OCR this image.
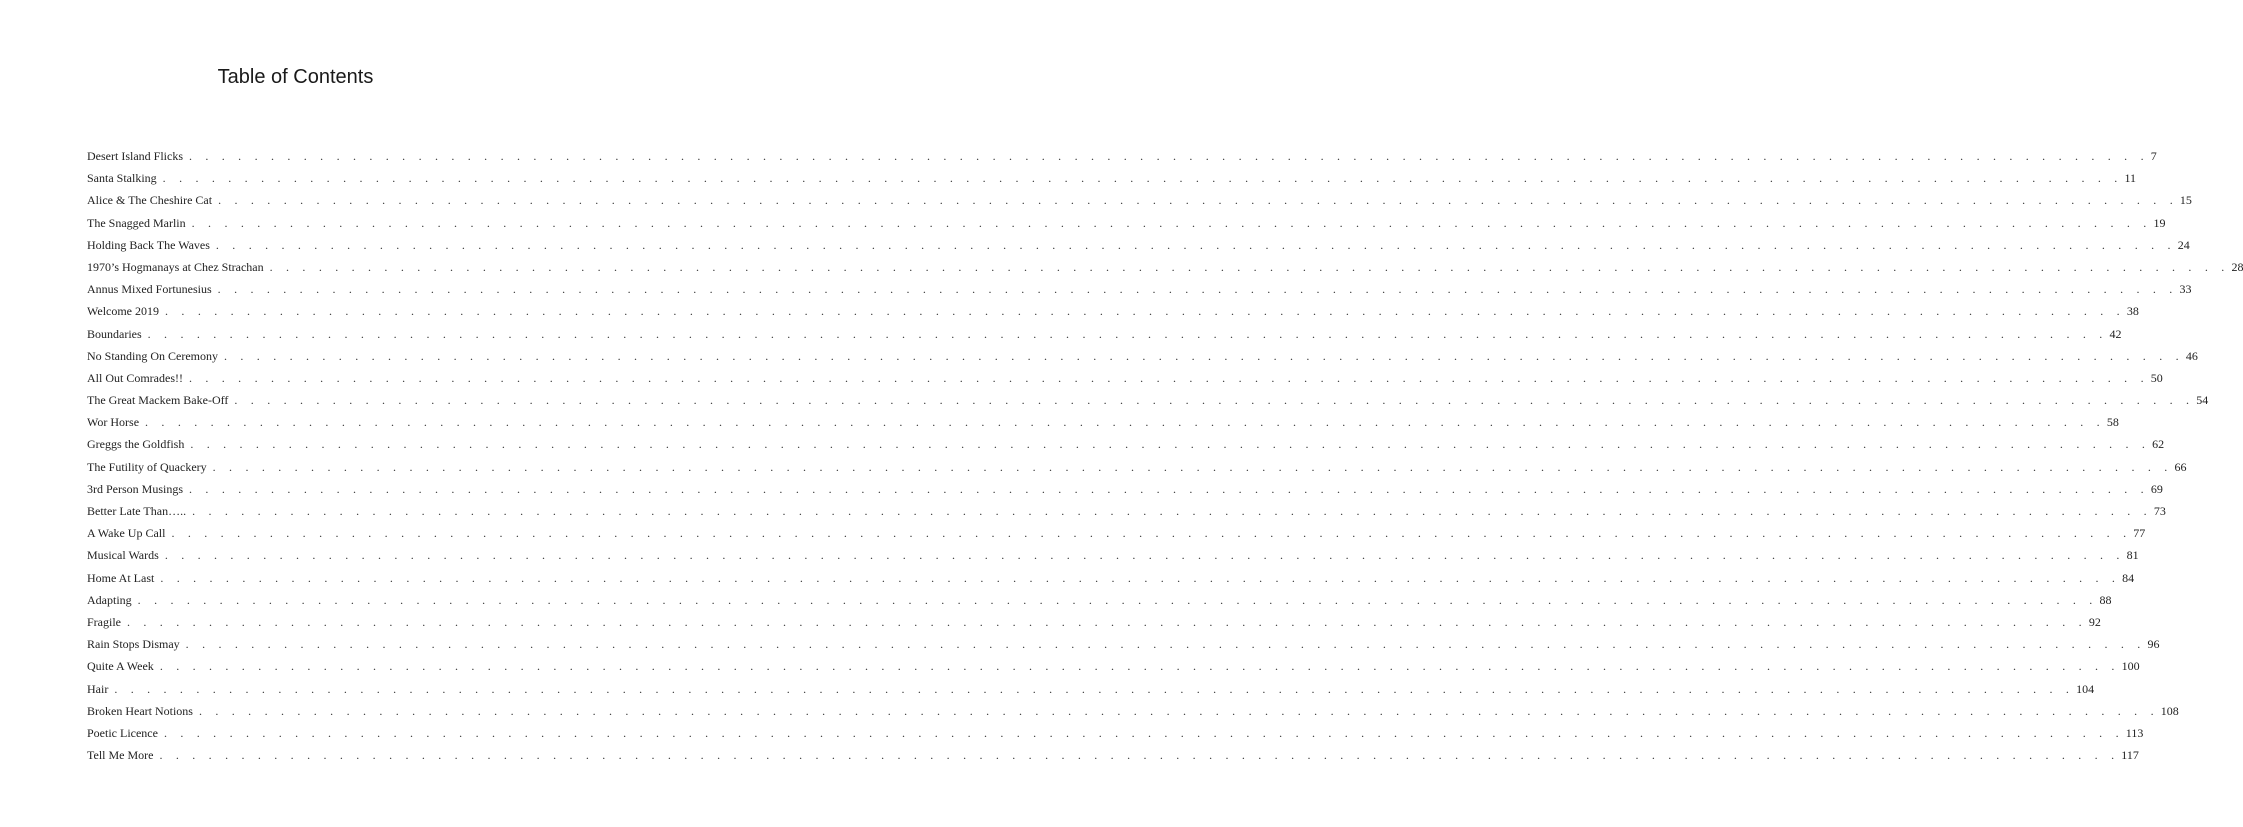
Table of Contents
Desert Island Flicks . . . . . . . . . . . . . . . . . . . . . . . . . . . . . . . . . . . . . . . . . . . . . . . . . . . . . . . . . . . . . . . . . . . . . . . . . . . . . . . . . . . . . . . . . . . . . . . . . . . . . . . . . . . . . . . . . . . . . . . . 7
Santa Stalking . . . . . . . . . . . . . . . . . . . . . . . . . . . . . . . . . . . . . . . . . . . . . . . . . . . . . . . . . . . . . . . . . . . . . . . . . . . . . . . . . . . . . . . . . . . . . . . . . . . . . . . . . . . . . . . . . . . . . . . . 11
Alice & The Cheshire Cat . . . . . . . . . . . . . . . . . . . . . . . . . . . . . . . . . . . . . . . . . . . . . . . . . . . . . . . . . . . . . . . . . . . . . . . . . . . . . . . . . . . . . . . . . . . . . . . . . . . . . . . . . . . . . . . . . . . . . . . . 15
The Snagged Marlin . . . . . . . . . . . . . . . . . . . . . . . . . . . . . . . . . . . . . . . . . . . . . . . . . . . . . . . . . . . . . . . . . . . . . . . . . . . . . . . . . . . . . . . . . . . . . . . . . . . . . . . . . . . . . . . . . . . . . . . . 19
Holding Back The Waves . . . . . . . . . . . . . . . . . . . . . . . . . . . . . . . . . . . . . . . . . . . . . . . . . . . . . . . . . . . . . . . . . . . . . . . . . . . . . . . . . . . . . . . . . . . . . . . . . . . . . . . . . . . . . . . . . . . . . . . . 24
1970’s Hogmanays at Chez Strachan . . . . . . . . . . . . . . . . . . . . . . . . . . . . . . . . . . . . . . . . . . . . . . . . . . . . . . . . . . . . . . . . . . . . . . . . . . . . . . . . . . . . . . . . . . . . . . . . . . . . . . . . . . . . . . . . . . . . . . . . 28
Annus Mixed Fortunesius . . . . . . . . . . . . . . . . . . . . . . . . . . . . . . . . . . . . . . . . . . . . . . . . . . . . . . . . . . . . . . . . . . . . . . . . . . . . . . . . . . . . . . . . . . . . . . . . . . . . . . . . . . . . . . . . . . . . . . . . 33
Welcome 2019 . . . . . . . . . . . . . . . . . . . . . . . . . . . . . . . . . . . . . . . . . . . . . . . . . . . . . . . . . . . . . . . . . . . . . . . . . . . . . . . . . . . . . . . . . . . . . . . . . . . . . . . . . . . . . . . . . . . . . . . . 38
Boundaries . . . . . . . . . . . . . . . . . . . . . . . . . . . . . . . . . . . . . . . . . . . . . . . . . . . . . . . . . . . . . . . . . . . . . . . . . . . . . . . . . . . . . . . . . . . . . . . . . . . . . . . . . . . . . . . . . . . . . . . . 42
No Standing On Ceremony . . . . . . . . . . . . . . . . . . . . . . . . . . . . . . . . . . . . . . . . . . . . . . . . . . . . . . . . . . . . . . . . . . . . . . . . . . . . . . . . . . . . . . . . . . . . . . . . . . . . . . . . . . . . . . . . . . . . . . . . 46
All Out Comrades!! . . . . . . . . . . . . . . . . . . . . . . . . . . . . . . . . . . . . . . . . . . . . . . . . . . . . . . . . . . . . . . . . . . . . . . . . . . . . . . . . . . . . . . . . . . . . . . . . . . . . . . . . . . . . . . . . . . . . . . . . 50
The Great Mackem Bake-Off . . . . . . . . . . . . . . . . . . . . . . . . . . . . . . . . . . . . . . . . . . . . . . . . . . . . . . . . . . . . . . . . . . . . . . . . . . . . . . . . . . . . . . . . . . . . . . . . . . . . . . . . . . . . . . . . . . . . . . . . 54
Wor Horse . . . . . . . . . . . . . . . . . . . . . . . . . . . . . . . . . . . . . . . . . . . . . . . . . . . . . . . . . . . . . . . . . . . . . . . . . . . . . . . . . . . . . . . . . . . . . . . . . . . . . . . . . . . . . . . . . . . . . . . . 58
Greggs the Goldfish . . . . . . . . . . . . . . . . . . . . . . . . . . . . . . . . . . . . . . . . . . . . . . . . . . . . . . . . . . . . . . . . . . . . . . . . . . . . . . . . . . . . . . . . . . . . . . . . . . . . . . . . . . . . . . . . . . . . . . . . 62
The Futility of Quackery . . . . . . . . . . . . . . . . . . . . . . . . . . . . . . . . . . . . . . . . . . . . . . . . . . . . . . . . . . . . . . . . . . . . . . . . . . . . . . . . . . . . . . . . . . . . . . . . . . . . . . . . . . . . . . . . . . . . . . . . 66
3rd Person Musings . . . . . . . . . . . . . . . . . . . . . . . . . . . . . . . . . . . . . . . . . . . . . . . . . . . . . . . . . . . . . . . . . . . . . . . . . . . . . . . . . . . . . . . . . . . . . . . . . . . . . . . . . . . . . . . . . . . . . . . . 69
Better Late Than….. . . . . . . . . . . . . . . . . . . . . . . . . . . . . . . . . . . . . . . . . . . . . . . . . . . . . . . . . . . . . . . . . . . . . . . . . . . . . . . . . . . . . . . . . . . . . . . . . . . . . . . . . . . . . . . . . . . . . . . . . 73
A Wake Up Call . . . . . . . . . . . . . . . . . . . . . . . . . . . . . . . . . . . . . . . . . . . . . . . . . . . . . . . . . . . . . . . . . . . . . . . . . . . . . . . . . . . . . . . . . . . . . . . . . . . . . . . . . . . . . . . . . . . . . . . . 77
Musical Wards . . . . . . . . . . . . . . . . . . . . . . . . . . . . . . . . . . . . . . . . . . . . . . . . . . . . . . . . . . . . . . . . . . . . . . . . . . . . . . . . . . . . . . . . . . . . . . . . . . . . . . . . . . . . . . . . . . . . . . . . 81
Home At Last . . . . . . . . . . . . . . . . . . . . . . . . . . . . . . . . . . . . . . . . . . . . . . . . . . . . . . . . . . . . . . . . . . . . . . . . . . . . . . . . . . . . . . . . . . . . . . . . . . . . . . . . . . . . . . . . . . . . . . . . 84
Adapting . . . . . . . . . . . . . . . . . . . . . . . . . . . . . . . . . . . . . . . . . . . . . . . . . . . . . . . . . . . . . . . . . . . . . . . . . . . . . . . . . . . . . . . . . . . . . . . . . . . . . . . . . . . . . . . . . . . . . . . . 88
Fragile . . . . . . . . . . . . . . . . . . . . . . . . . . . . . . . . . . . . . . . . . . . . . . . . . . . . . . . . . . . . . . . . . . . . . . . . . . . . . . . . . . . . . . . . . . . . . . . . . . . . . . . . . . . . . . . . . . . . . . . . 92
Rain Stops Dismay . . . . . . . . . . . . . . . . . . . . . . . . . . . . . . . . . . . . . . . . . . . . . . . . . . . . . . . . . . . . . . . . . . . . . . . . . . . . . . . . . . . . . . . . . . . . . . . . . . . . . . . . . . . . . . . . . . . . . . . . 96
Quite A Week . . . . . . . . . . . . . . . . . . . . . . . . . . . . . . . . . . . . . . . . . . . . . . . . . . . . . . . . . . . . . . . . . . . . . . . . . . . . . . . . . . . . . . . . . . . . . . . . . . . . . . . . . . . . . . . . . . . . . . . . 100
Hair . . . . . . . . . . . . . . . . . . . . . . . . . . . . . . . . . . . . . . . . . . . . . . . . . . . . . . . . . . . . . . . . . . . . . . . . . . . . . . . . . . . . . . . . . . . . . . . . . . . . . . . . . . . . . . . . . . . . . . . . 104
Broken Heart Notions . . . . . . . . . . . . . . . . . . . . . . . . . . . . . . . . . . . . . . . . . . . . . . . . . . . . . . . . . . . . . . . . . . . . . . . . . . . . . . . . . . . . . . . . . . . . . . . . . . . . . . . . . . . . . . . . . . . . . . . . 108
Poetic Licence . . . . . . . . . . . . . . . . . . . . . . . . . . . . . . . . . . . . . . . . . . . . . . . . . . . . . . . . . . . . . . . . . . . . . . . . . . . . . . . . . . . . . . . . . . . . . . . . . . . . . . . . . . . . . . . . . . . . . . . . 113
Tell Me More . . . . . . . . . . . . . . . . . . . . . . . . . . . . . . . . . . . . . . . . . . . . . . . . . . . . . . . . . . . . . . . . . . . . . . . . . . . . . . . . . . . . . . . . . . . . . . . . . . . . . . . . . . . . . . . . . . . . . . . . 117
